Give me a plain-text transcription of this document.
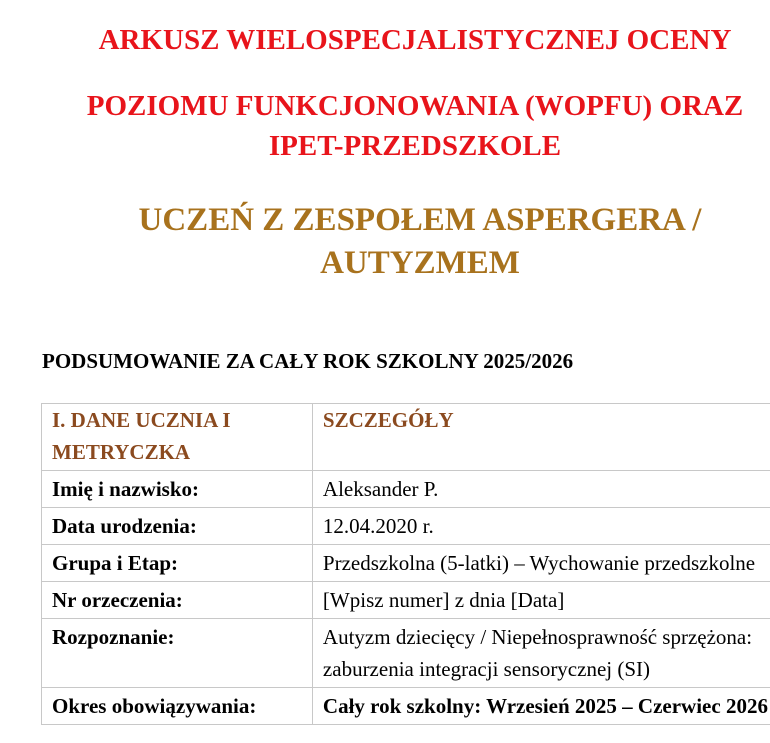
ARKUSZ WIELOSPECJALISTYCZNEJ OCENY
POZIOMU FUNKCJONOWANIA (WOPFU) ORAZ
IPET-PRZEDSZKOLE
UCZEŃ Z ZESPOŁEM ASPERGERA /
AUTYZMEM
PODSUMOWANIE ZA CAŁY ROK SZKOLNY 2025/2026
I. DANE UCZNIA I METRYCZKA	SZCZEGÓŁY
Imię i nazwisko:	Aleksander P.
Data urodzenia:	12.04.2020 r.
Grupa i Etap:	Przedszkolna (5-latki) – Wychowanie przedszkolne
Nr orzeczenia:	[Wpisz numer] z dnia [Data]
Rozpoznanie:	Autyzm dziecięcy / Niepełnosprawność sprzężona: zaburzenia integracji sensorycznej (SI)
Okres obowiązywania:	Cały rok szkolny: Wrzesień 2025 – Czerwiec 2026
